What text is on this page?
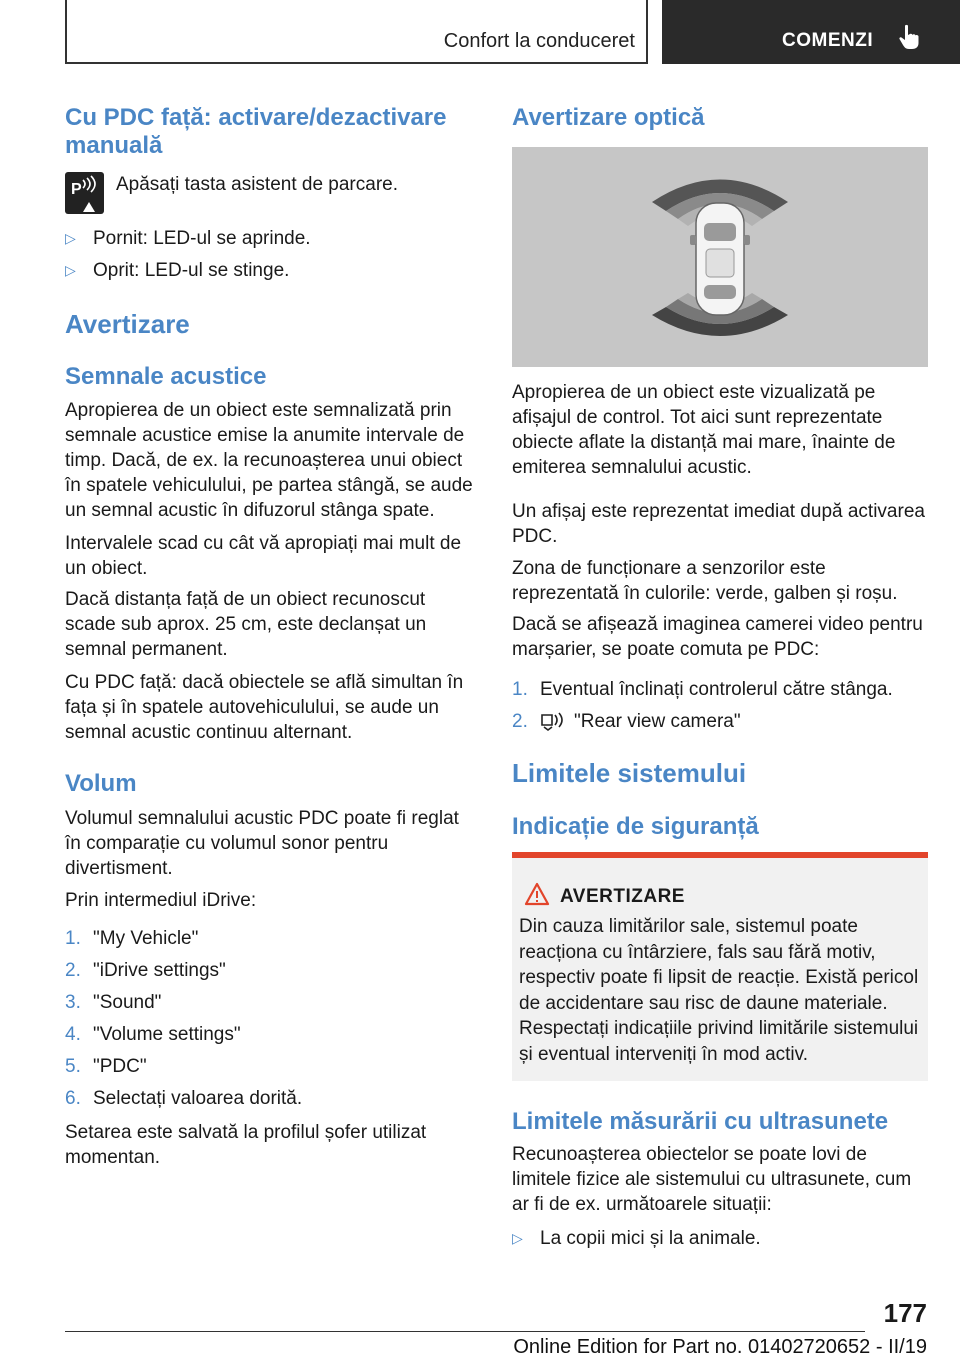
Confort la conduceret	COMENZI
Cu PDC față: activare/dezactivare manuală
P Apăsați tasta asistent de parcare.
▷ Pornit: LED-ul se aprinde.
▷ Oprit: LED-ul se stinge.
Avertizare
Semnale acustice

Apropierea de un obiect este semnalizată prin semnale acustice emise la anumite intervale de timp. Dacă, de ex. la recunoașterea unui obiect în spatele vehiculului, pe partea stângă, se aude un semnal acustic în difuzorul stânga spate.

Intervalele scad cu cât vă apropiați mai mult de un obiect.

Dacă distanța față de un obiect recunoscut scade sub aprox. 25 cm, este declanșat un semnal permanent.

Cu PDC față: dacă obiectele se află simultan în fața și în spatele autovehiculului, se aude un semnal acustic continuu alternant.

Volum

Volumul semnalului acustic PDC poate fi reglat în comparație cu volumul sonor pentru divertisment.

Prin intermediul iDrive:

1. "My Vehicle"
2. "iDrive settings"
3. "Sound"
4. "Volume settings"
5. "PDC"
6. Selectați valoarea dorită.

Setarea este salvată la profilul șofer utilizat momentan.

Avertizare optică

Apropierea de un obiect este vizualizată pe afișajul de control. Tot aici sunt reprezentate obiecte aflate la distanță mai mare, înainte de emiterea semnalului acustic.

Un afișaj este reprezentat imediat după activarea PDC.

Zona de funcționare a senzorilor este reprezentată în culorile: verde, galben și roșu.

Dacă se afișează imaginea camerei video pentru marșarier, se poate comuta pe PDC:

1. Eventual înclinați controlerul către stânga.
2. "Rear view camera"
Limitele sistemului
Indicație de siguranță
AVERTIZARE
Din cauza limitărilor sale, sistemul poate reacționa cu întârziere, fals sau fără motiv, respectiv poate fi lipsit de reacție. Există pericol de accidentare sau risc de daune materiale. Respectați indicațiile privind limitările sistemului și eventual interveniți în mod activ.
Limitele măsurării cu ultrasunete

Recunoașterea obiectelor se poate lovi de limitele fizice ale sistemului cu ultrasunete, cum ar fi de ex. următoarele situații:

▷ La copii mici și la animale.
177
Online Edition for Part no. 01402720652 - II/19
